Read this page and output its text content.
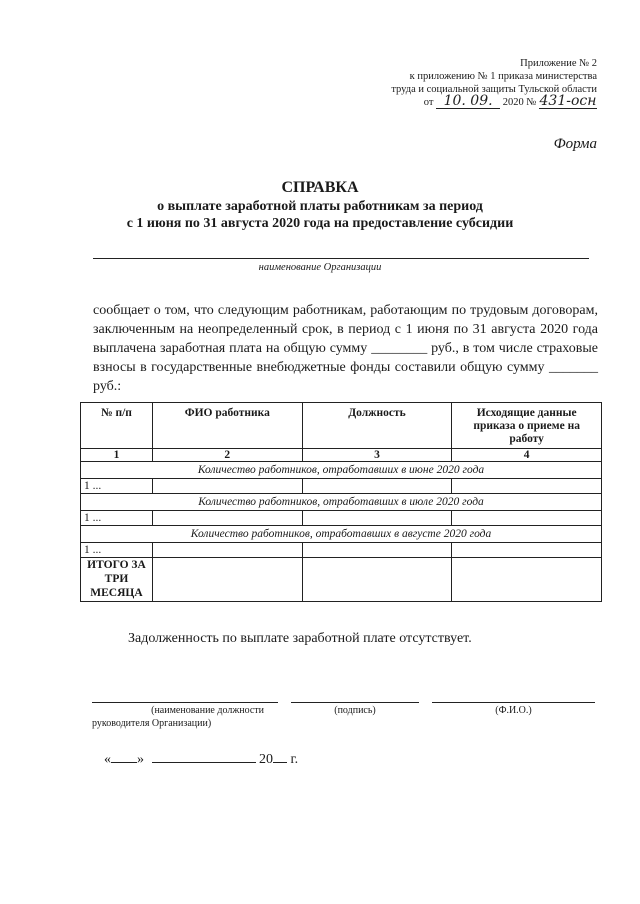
Приложение № 2
к приложению № 1 приказа министерства
труда и социальной защиты Тульской области
от 10. 09. 2020 № 431-осн
Форма
СПРАВКА
о выплате заработной платы работникам за период
с 1 июня по 31 августа 2020 года на предоставление субсидии
наименование Организации
сообщает о том, что следующим работникам, работающим по трудовым договорам, заключенным на неопределенный срок, в период с 1 июня по 31 августа 2020 года выплачена заработная плата на общую сумму ________ руб., в том числе страховые взносы в государственные внебюджетные фонды составили общую сумму _______ руб.:
№ п/п	ФИО работника	Должность	Исходящие данные приказа о приеме на работу
1	2	3	4
Количество работников, отработавших в июне 2020 года			
1 ...			
Количество работников, отработавших в июле 2020 года			
1 ...			
Количество работников, отработавших в августе 2020 года			
1 ...			
ИТОГО ЗА ТРИ МЕСЯЦА			
Задолженность по выплате заработной плате отсутствует.
(наименование должности
руководителя Организации)
(подпись)	(Ф.И.О.)
« »	20 г.
